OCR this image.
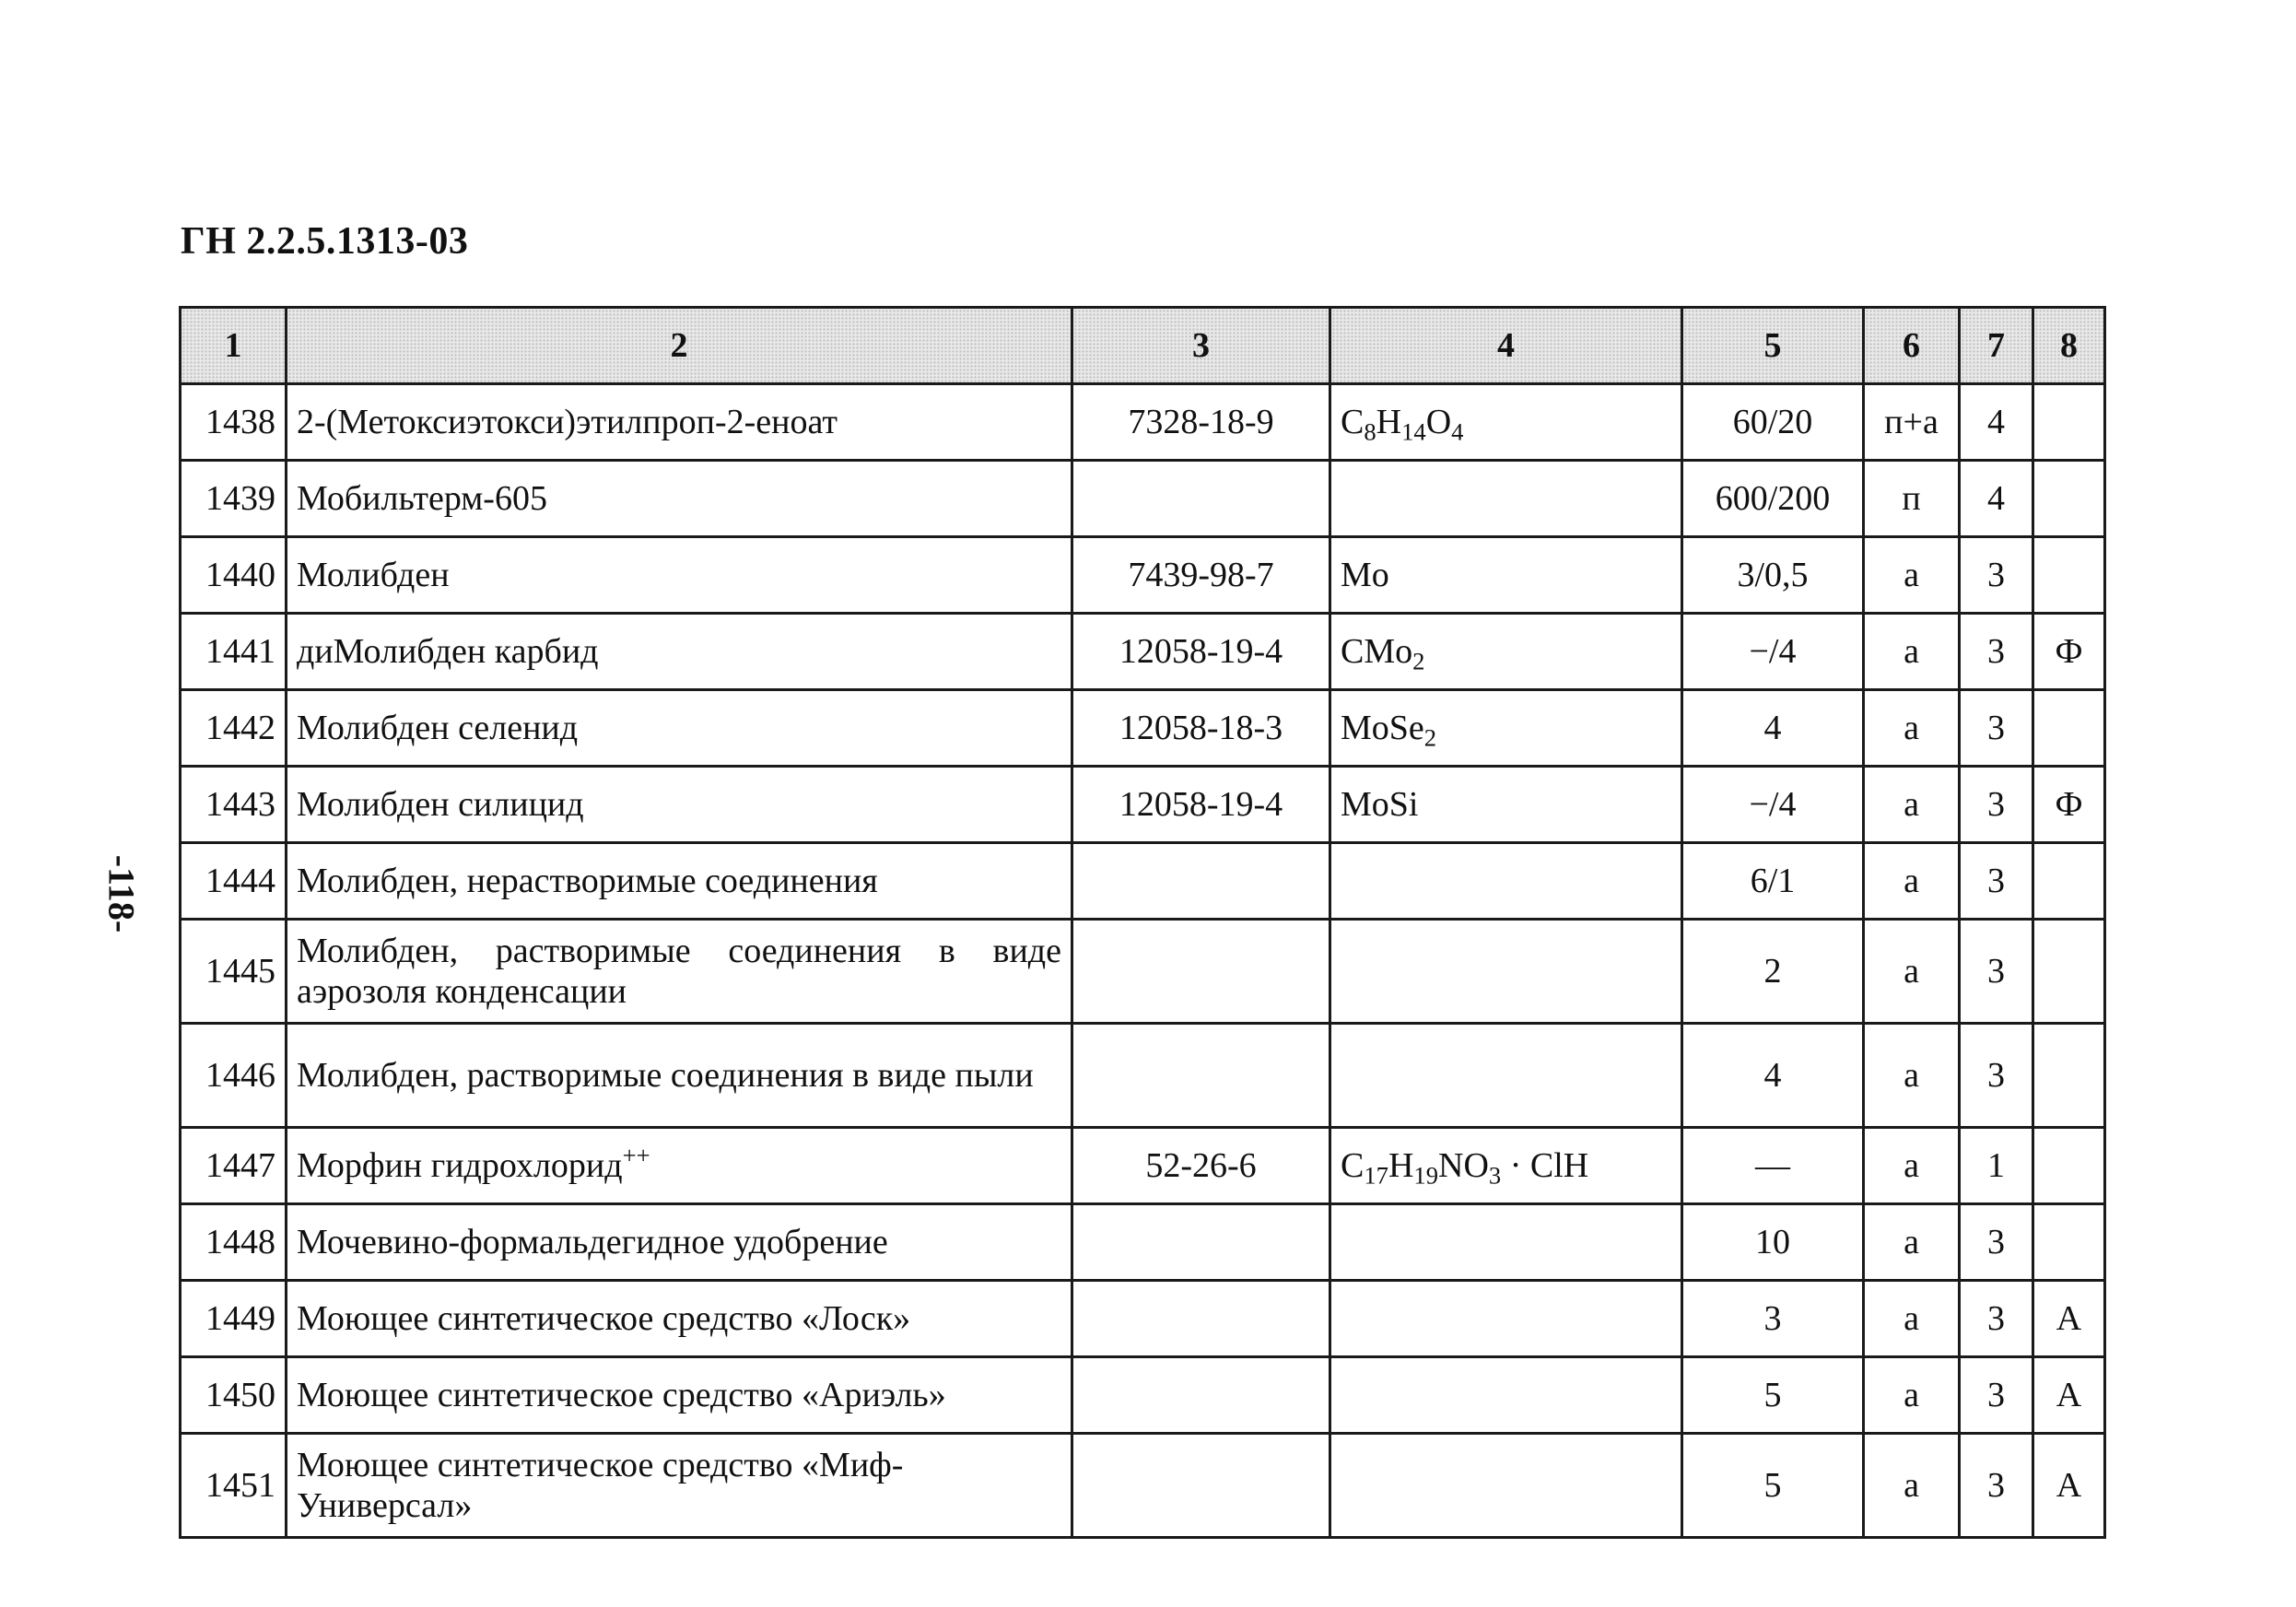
ГН 2.2.5.1313-03
-118-
1	2	3	4	5	6	7	8
1438	2-(Метоксиэтокси)этилпроп-2-еноат	7328-18-9	$C_8H_{14}O_4$	60/20	п+а	4	
1439	Мобильтерм-605			600/200	п	4	
1440	Молибден	7439-98-7	Mo	3/0,5	а	3	
1441	диМолибден карбид	12058-19-4	CMo$_2$	−/4	а	3	Ф
1442	Молибден селенид	12058-18-3	MoSe$_2$	4	а	3	
1443	Молибден силицид	12058-19-4	MoSi	−/4	а	3	Ф
1444	Молибден, нерастворимые соединения			6/1	а	3	
1445	Молибден, растворимые соединения в виде аэрозоля конденсации			2	а	3	
1446	Молибден, растворимые соединения в виде пыли			4	а	3	
1447	Морфин гидрохлорид++	52-26-6	$C_{17}H_{19}NO_3$ · ClH	—	а	1	
1448	Мочевино-формальдегидное удобрение			10	а	3	
1449	Моющее синтетическое средство «Лоск»			3	а	3	А
1450	Моющее синтетическое средство «Ариэль»			5	а	3	А
1451	Моющее синтетическое средство «Миф-Универсал»			5	а	3	А
